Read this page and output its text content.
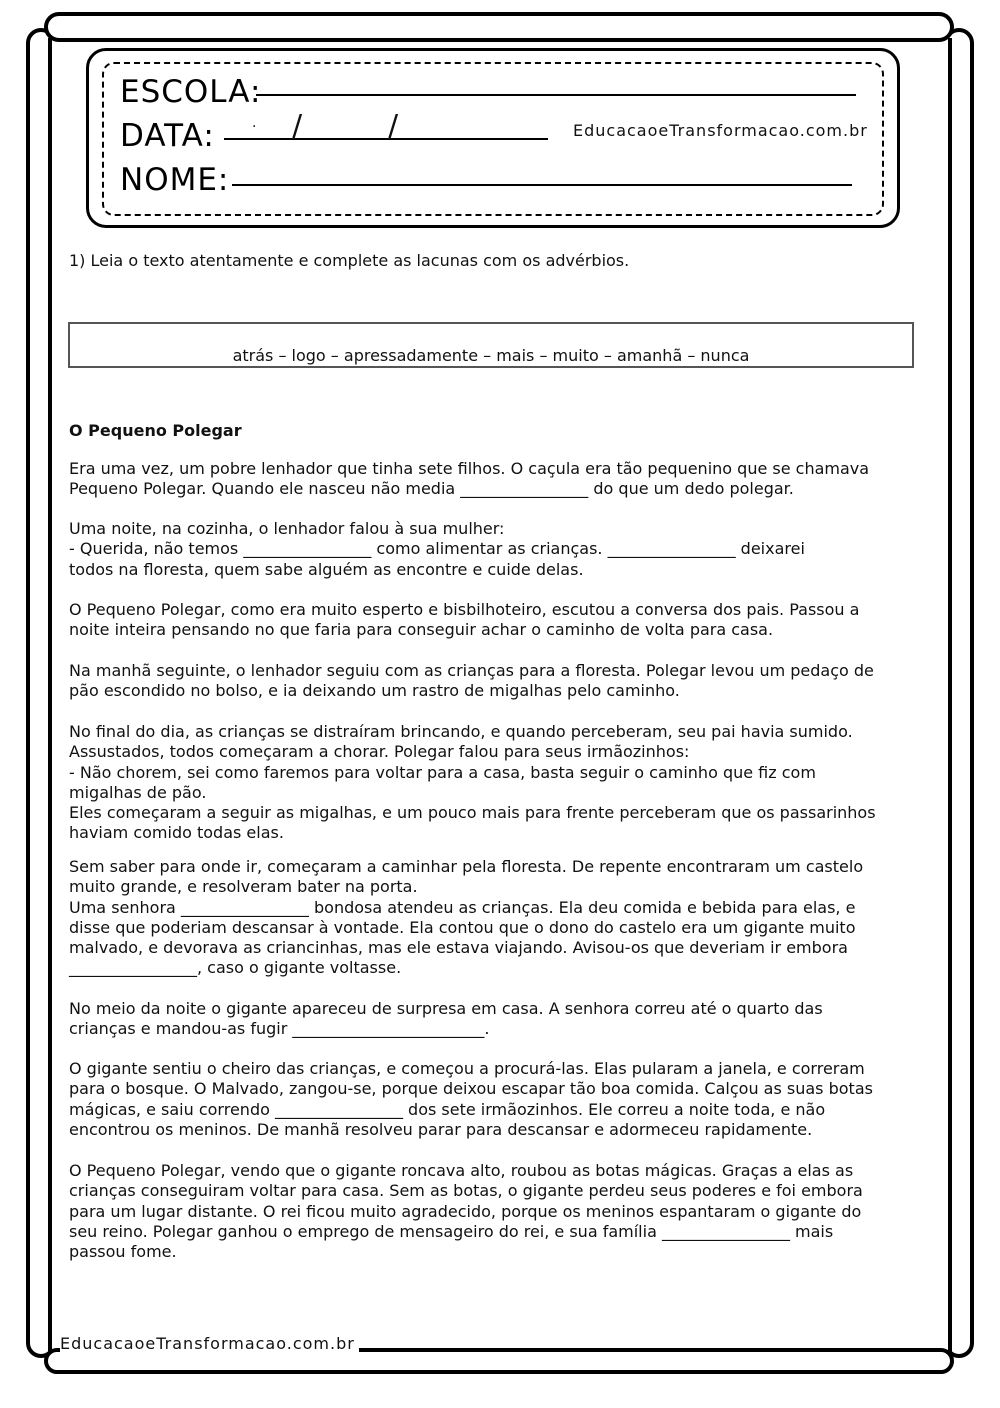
ESCOLA:
DATA:	. /	/	EducacaoeTransformacao.com.br
NOME:
1) Leia o texto atentamente e complete as lacunas com os advérbios.
atrás – logo – apressadamente – mais – muito – amanhã – nunca
O Pequeno Polegar

Era uma vez, um pobre lenhador que tinha sete filhos. O caçula era tão pequenino que se chamava
Pequeno Polegar. Quando ele nasceu não media ________________ do que um dedo polegar.

Uma noite, na cozinha, o lenhador falou à sua mulher:
- Querida, não temos ________________ como alimentar as crianças. ________________ deixarei
todos na floresta, quem sabe alguém as encontre e cuide delas.

O Pequeno Polegar, como era muito esperto e bisbilhoteiro, escutou a conversa dos pais. Passou a
noite inteira pensando no que faria para conseguir achar o caminho de volta para casa.

Na manhã seguinte, o lenhador seguiu com as crianças para a floresta. Polegar levou um pedaço de
pão escondido no bolso, e ia deixando um rastro de migalhas pelo caminho.

No final do dia, as crianças se distraíram brincando, e quando perceberam, seu pai havia sumido.
Assustados, todos começaram a chorar. Polegar falou para seus irmãozinhos:
- Não chorem, sei como faremos para voltar para a casa, basta seguir o caminho que fiz com
migalhas de pão.
Eles começaram a seguir as migalhas, e um pouco mais para frente perceberam que os passarinhos
haviam comido todas elas.

Sem saber para onde ir, começaram a caminhar pela floresta. De repente encontraram um castelo
muito grande, e resolveram bater na porta.
Uma senhora ________________ bondosa atendeu as crianças. Ela deu comida e bebida para elas, e
disse que poderiam descansar à vontade. Ela contou que o dono do castelo era um gigante muito
malvado, e devorava as criancinhas, mas ele estava viajando. Avisou-os que deveriam ir embora
________________, caso o gigante voltasse.

No meio da noite o gigante apareceu de surpresa em casa. A senhora correu até o quarto das
crianças e mandou-as fugir ________________________.

O gigante sentiu o cheiro das crianças, e começou a procurá-las. Elas pularam a janela, e correram
para o bosque. O Malvado, zangou-se, porque deixou escapar tão boa comida. Calçou as suas botas
mágicas, e saiu correndo ________________ dos sete irmãozinhos. Ele correu a noite toda, e não
encontrou os meninos. De manhã resolveu parar para descansar e adormeceu rapidamente.

O Pequeno Polegar, vendo que o gigante roncava alto, roubou as botas mágicas. Graças a elas as
crianças conseguiram voltar para casa. Sem as botas, o gigante perdeu seus poderes e foi embora
para um lugar distante. O rei ficou muito agradecido, porque os meninos espantaram o gigante do
seu reino. Polegar ganhou o emprego de mensageiro do rei, e sua família ________________ mais
passou fome.

EducacaoeTransformacao.com.br
